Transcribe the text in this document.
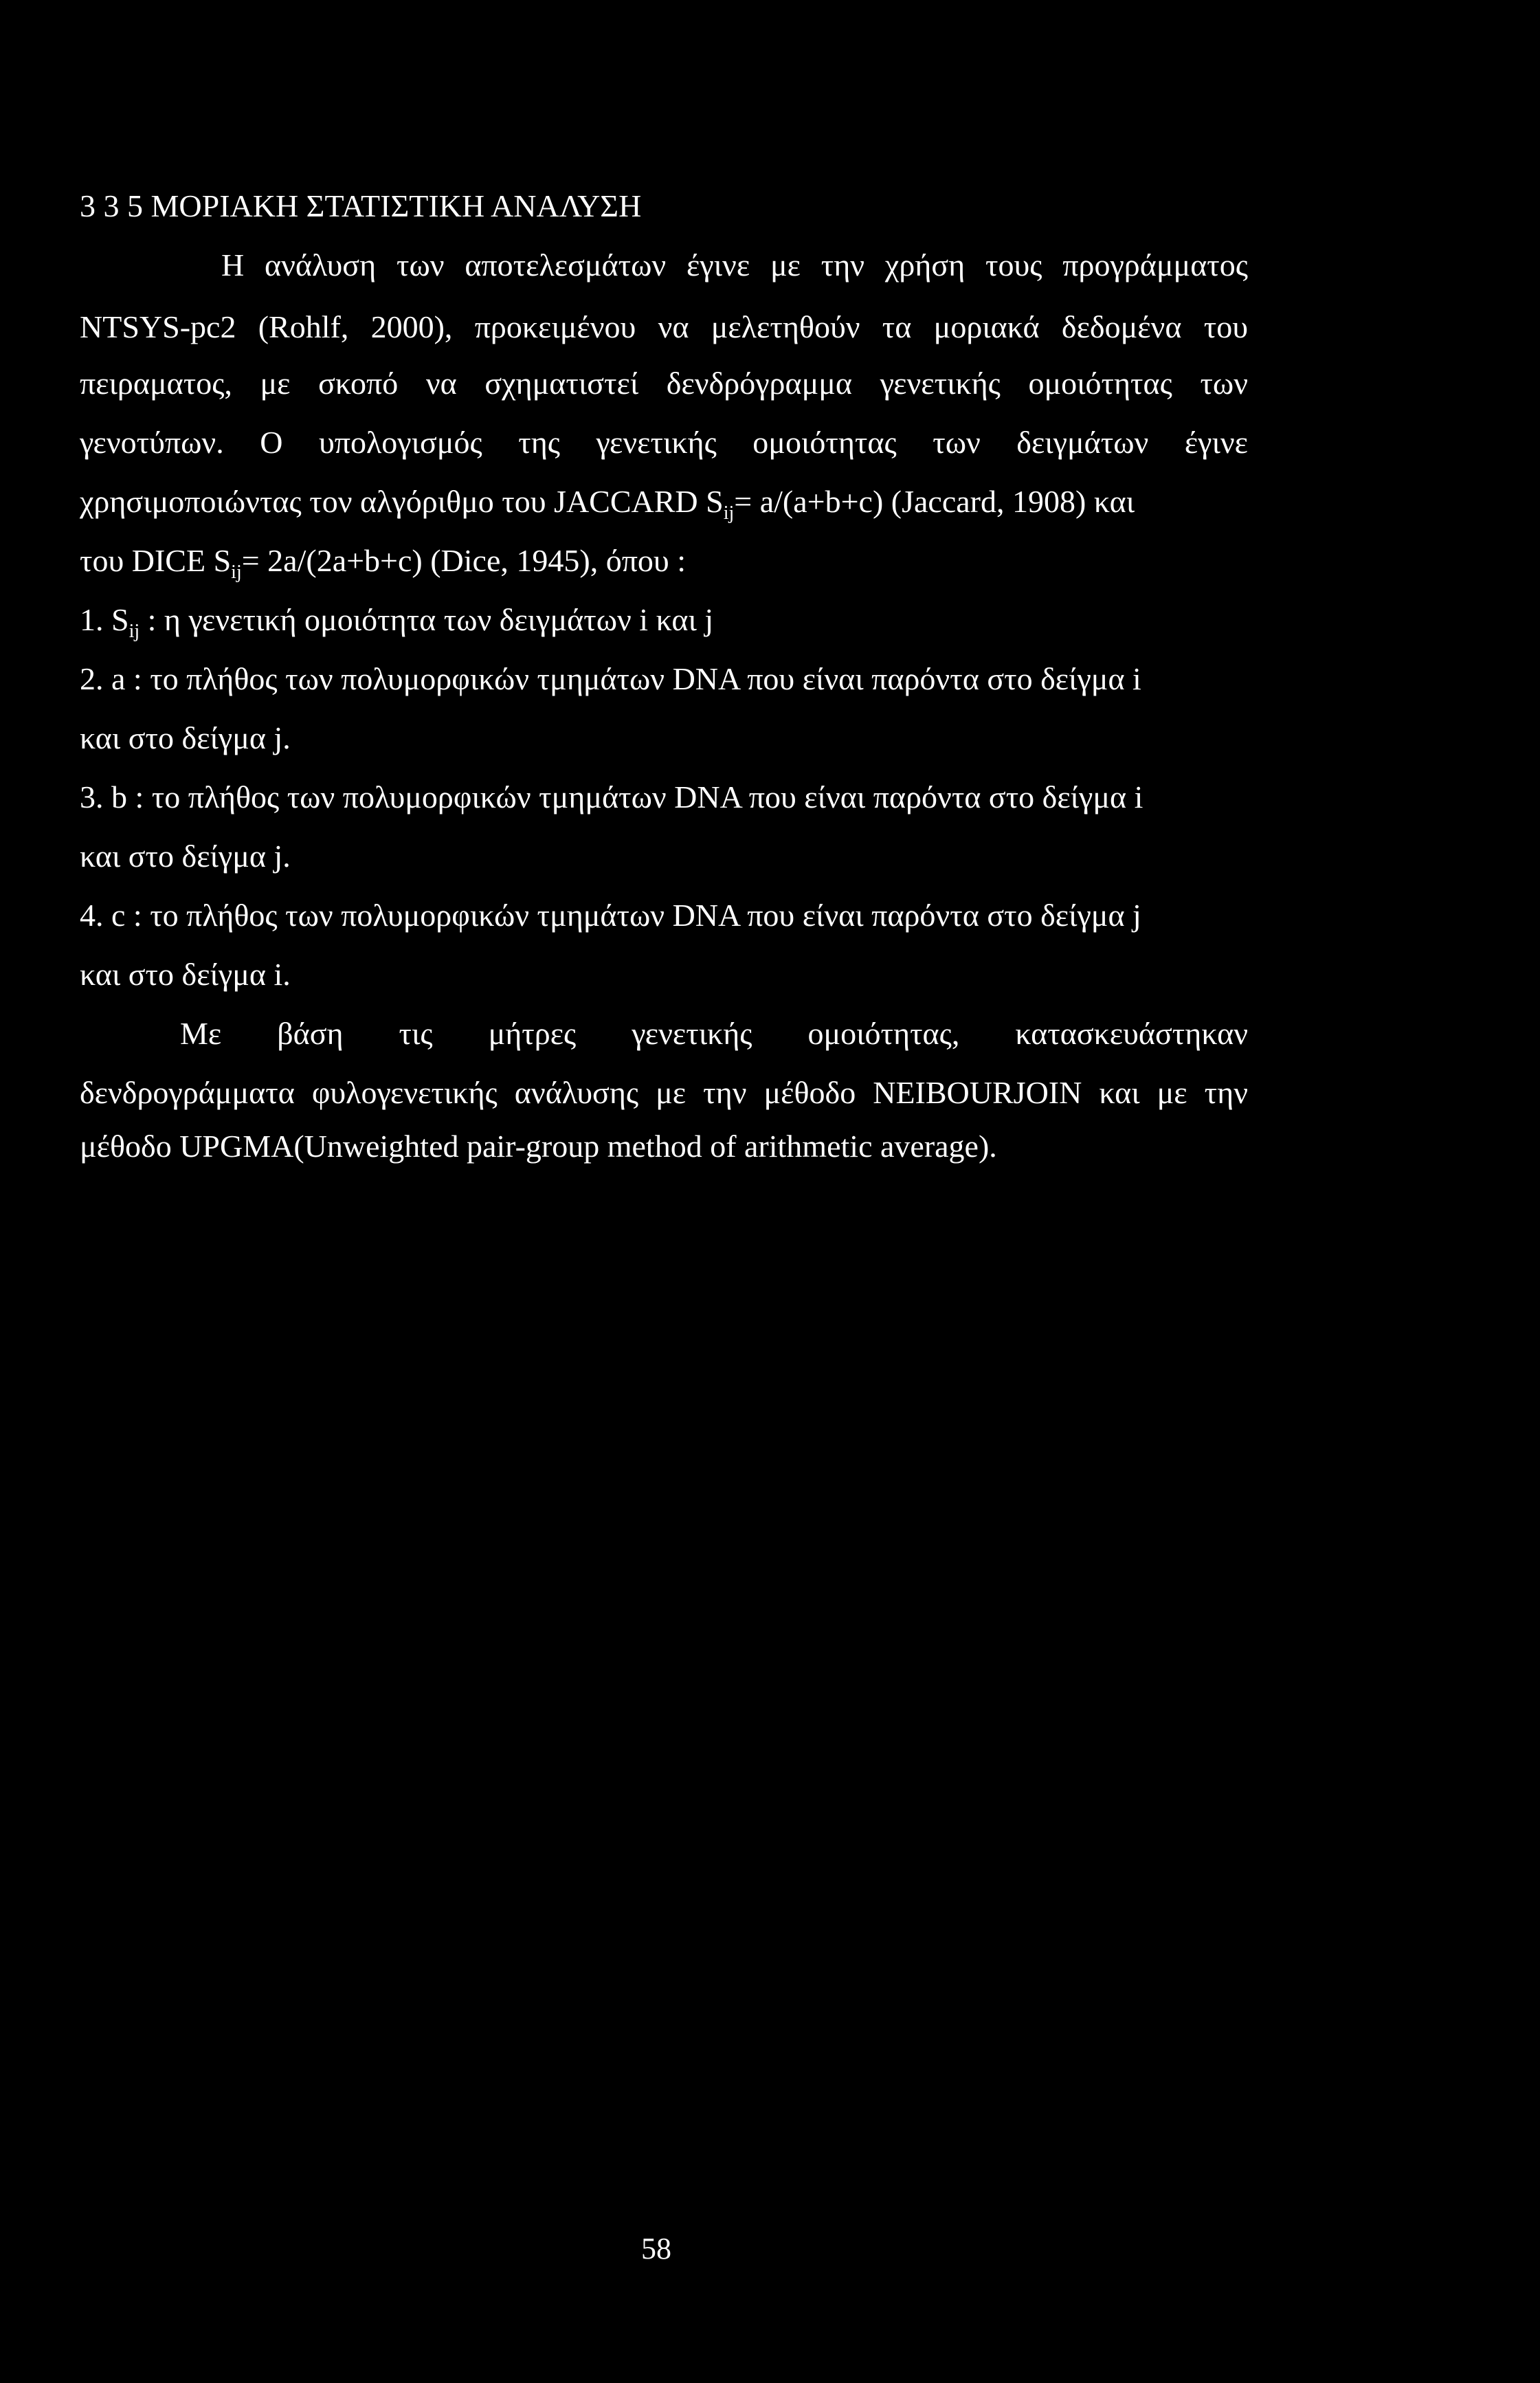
3 3 5 ΜΟΡΙΑΚΗ ΣΤΑΤΙΣΤΙΚΗ ΑΝΑΛΥΣΗ
Η ανάλυση των αποτελεσμάτων έγινε με την χρήση τους προγράμματος
NTSYS-pc2 (Rohlf, 2000), προκειμένου να μελετηθούν τα μοριακά δεδομένα του
πειραματος, με σκοπό να σχηματιστεί δενδρόγραμμα γενετικής ομοιότητας των
γενοτύπων. Ο υπολογισμός της γενετικής ομοιότητας των δειγμάτων έγινε
χρησιμοποιώντας τον αλγόριθμο του JACCARD $S_{ij}= a/(a+b+c)$ (Jaccard, 1908) και
του DICE $S_{ij}= 2a/(2a+b+c)$ (Dice, 1945), όπου :
1. $S_{ij}$ : η γενετική ομοιότητα των δειγμάτων i και j
2. a : το πλήθος των πολυμορφικών τμημάτων DNA που είναι παρόντα στο δείγμα i
και στο δείγμα j.
3. b : το πλήθος των πολυμορφικών τμημάτων DNA που είναι παρόντα στο δείγμα i
και στο δείγμα j.
4. c : το πλήθος των πολυμορφικών τμημάτων DNA που είναι παρόντα στο δείγμα j
και στο δείγμα i.
Με βάση τις μήτρες γενετικής ομοιότητας, κατασκευάστηκαν
δενδρογράμματα φυλογενετικής ανάλυσης με την μέθοδο NEIBOURJOIN και με την
μέθοδο UPGMA(Unweighted pair-group method of arithmetic average).
58
